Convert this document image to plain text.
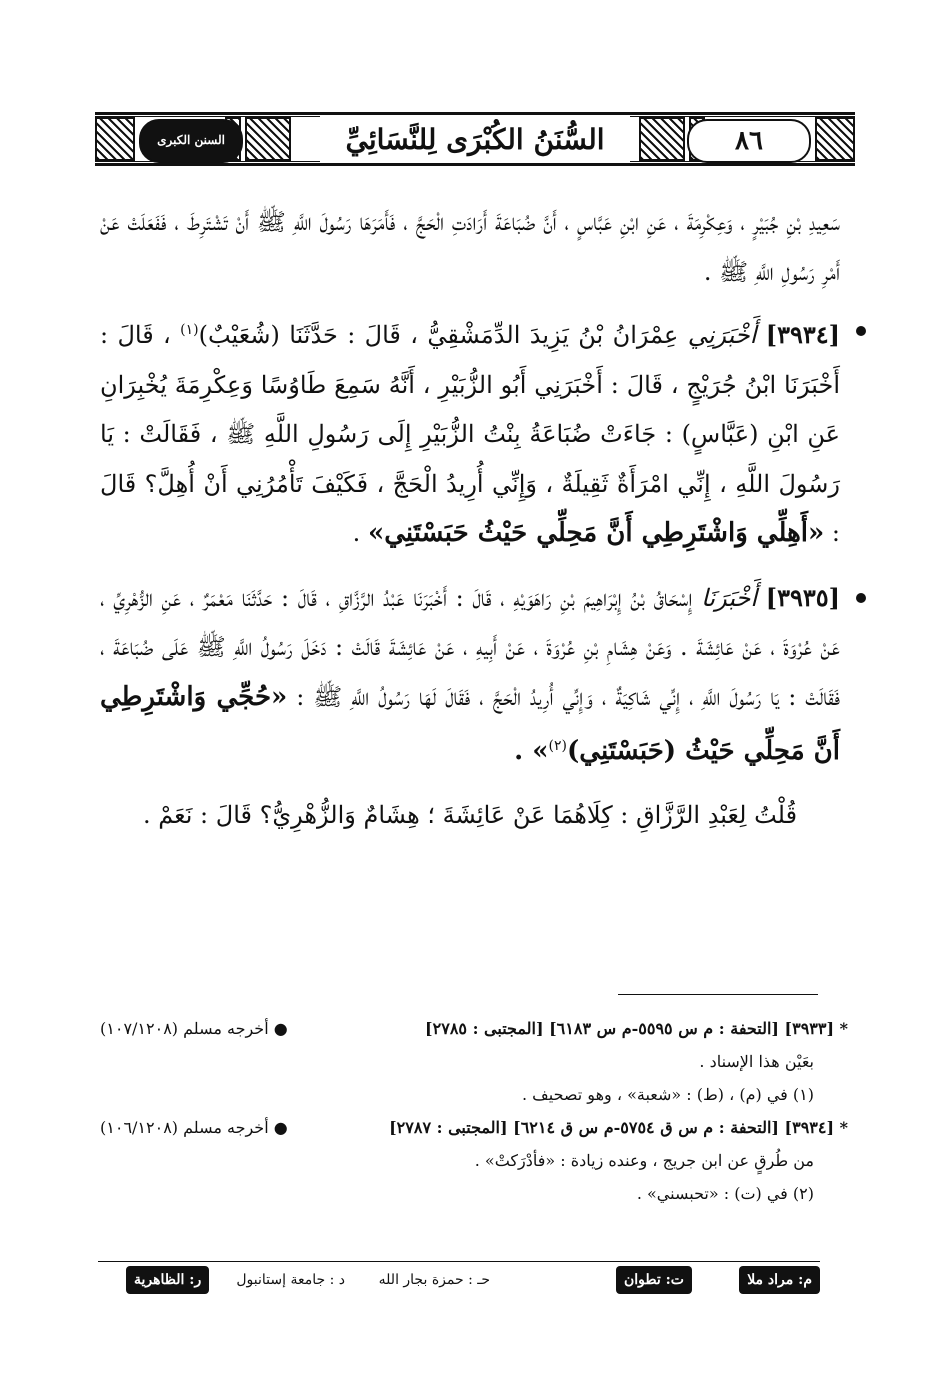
٨٦
السُّنَنُ الكُبْرَى لِلنَّسَائِيِّ
السنن الكبرى

سَعِيدِ بْنِ جُبَيْرٍ ، وَعِكْرِمَةَ ، عَنِ ابْنِ عَبَّاسٍ ، أَنَّ ضُبَاعَةَ أَرَادَتِ الْحَجَّ ، فَأَمَرَهَا رَسُولَ اللَّهِ ﷺ أَنْ تَشْتَرِطَ ، فَفَعَلَتْ عَنْ أَمْرِ رَسُولِ اللَّهِ ﷺ .

[٣٩٣٤] أَخْبَرَنِي عِمْرَانُ بْنُ يَزِيدَ الدِّمَشْقِيُّ ، قَالَ : حَدَّثَنَا (شُعَيْبٌ)$^{(١)}$ ، قَالَ : أَخْبَرَنَا ابْنُ جُرَيْجٍ ، قَالَ : أَخْبَرَنِي أَبُو الزُّبَيْرِ ، أَنَّهُ سَمِعَ طَاوُسًا وَعِكْرِمَةَ يُخْبِرَانِ عَنِ ابْنِ (عَبَّاسٍ) : جَاءَتْ ضُبَاعَةُ بِنْتُ الزُّبَيْرِ إِلَى رَسُولِ اللَّهِ ﷺ ، فَقَالَتْ : يَا رَسُولَ اللَّهِ ، إِنِّي امْرَأَةٌ ثَقِيلَةٌ ، وَإِنِّي أُرِيدُ الْحَجَّ ، فَكَيْفَ تَأْمُرُنِي أَنْ أُهِلَّ؟ قَالَ : «أَهِلِّي وَاشْتَرِطِي أَنَّ مَحِلِّي حَيْثُ حَبَسْتَنِي» .

[٣٩٣٥] أَخْبَرَنَا إِسْحَاقُ بْنُ إِبْرَاهِيمَ بْنِ رَاهَوَيْهِ ، قَالَ : أَخْبَرَنَا عَبْدُ الرَّزَّاقِ ، قَالَ : حَدَّثَنَا مَعْمَرٌ ، عَنِ الزُّهْرِيِّ ، عَنْ عُرْوَةَ ، عَنْ عَائِشَةَ . وَعَنْ هِشَامِ بْنِ عُرْوَةَ ، عَنْ أَبِيهِ ، عَنْ عَائِشَةَ قَالَتْ : دَخَلَ رَسُولُ اللَّهِ ﷺ عَلَى ضُبَاعَةَ ، فَقَالَتْ : يَا رَسُولَ اللَّهِ ، إِنِّي شَاكِيَةٌ ، وَإِنِّي أُرِيدُ الْحَجَّ ، فَقَالَ لَهَا رَسُولُ اللَّهِ ﷺ : «حُجِّي وَاشْتَرِطِي أَنَّ مَحِلِّي حَيْثُ (حَبَسْتَنِي)$^{(٢)}$» .

قُلْتُ لِعَبْدِ الرَّزَّاقِ : كِلَاهُمَا عَنْ عَائِشَةَ ؛ هِشَامٌ وَالزُّهْرِيُّ؟ قَالَ : نَعَمْ .

* [٣٩٣٣] [التحفة : م س ٥٥٩٥-م س ٦١٨٣] [المجتبى : ٢٧٨٥]
● أخرجه مسلم (١٠٧/١٢٠٨)

بعَيْن هذا الإسناد .

(١) في (م) ، (ط) : «شعبة» ، وهو تصحيف .

* [٣٩٣٤] [التحفة : م س ق ٥٧٥٤-م س ق ٦٢١٤] [المجتبى : ٢٧٨٧]
● أخرجه مسلم (١٠٦/١٢٠٨)

من طُرقٍ عن ابن جريج ، وعنده زيادة : «فأدْرَكتْ» .

(٢) في (ت) : «تحبسني» .

م: مراد ملا
ت: تطوان
حـ : حمزة بجار الله
د : جامعة إستانبول
ر: الظاهرية
